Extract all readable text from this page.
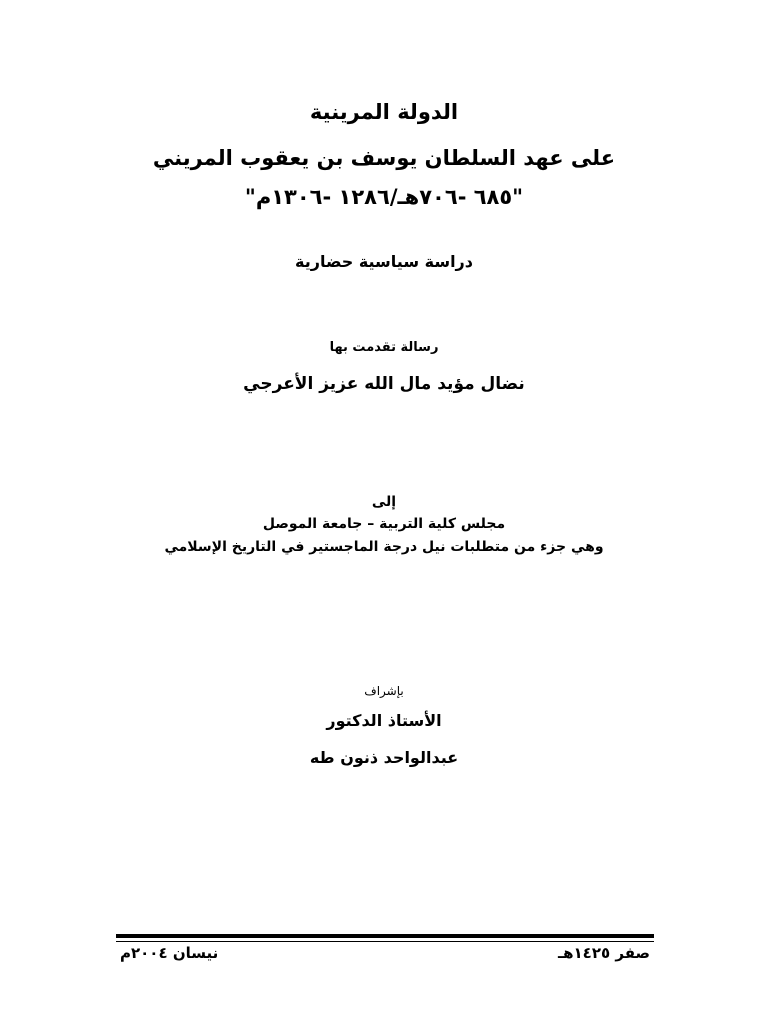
الدولة المرينية
على عهد السلطان يوسف بن يعقوب المريني
"٦٨٥ -٧٠٦هـ/١٢٨٦ -١٣٠٦م"
دراسة سياسية حضارية
رسالة تقدمت بها
نضال مؤيد مال الله عزيز الأعرجي
إلى
مجلس كلية التربية – جامعة الموصل
وهي جزء من متطلبات نيل درجة الماجستير في التاريخ الإسلامي
بإشراف
الأستاذ الدكتور
عبدالواحد ذنون طه
صفر ١٤٢٥هـ
نيسان ٢٠٠٤م
